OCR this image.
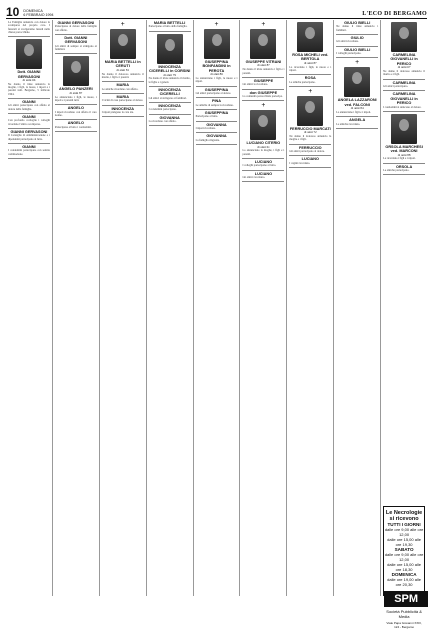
10 DOMENICA
6 FEBBRAIO 1994	L'ECO DI BERGAMO
La Famiglia annuncia con dolore la scomparsa del proprio caro. I funerali si svolgeranno lunedì nella chiesa parrocchiale.
Dott. GIANNI GERVASONI
di anni 66
Ne danno il triste annuncio la moglie, i figli, le nuore, i nipoti e i parenti tutti. Bergamo, 5 febbraio 1994.
GIANNI
Gli amici partecipano con affetto al dolore della famiglia.
GIANNI
Con profondo cordoglio i colleghi ricordano l'amico scomparso.
GIANNI GERVASONI
Il Consiglio di Amministrazione e i dipendenti partecipano al lutto.
GIANNI
I condomini partecipano con sentita commozione.
GIANNI GERVASONI
Partecipano al dolore della famiglia con affetto.
Dott. GIANNI GERVASONI
Gli amici di sempre si stringono ai familiari.
ANGELO PANZERI
di anni 87
Lo annunciano i figli, le nuore, i nipoti e i parenti tutti.
ANGELO
I nipoti ricordano con affetto il caro nonno.
ANGELO
Partecipano al lutto i condomini.
+
MARIA BETTELLI in CERUTI
di anni 81
Ne danno il doloroso annuncio il marito, i figli e i parenti.
MARIA
Le amiche ricordano con affetto.
MARIA
I vicini di casa partecipano al dolore.
INNOCENZA
I nipoti piangono la cara zia.
MARIA BETTELLI
Partecipano al lutto della famiglia.
INNOCENZA CICERELLI in CORSINI
di anni 79
Ne danno il triste annuncio il marito, le figlie e i generi.
INNOCENZA CICERELLI
Gli amici si stringono ai familiari.
INNOCENZA
I condomini partecipano.
GIOVANNA
La ricordano con affetto.
+
GIUSEPPINA BONFANDINI in PEROTA
di anni 86
Lo annunciano i figli, le nuore e i nipoti.
GIUSEPPINA
Gli amici partecipano al dolore.
PINA
Le amiche di sempre la ricordano.
GIUSEPPINA
Partecipano al lutto.
GIOVANNA
I nipoti ricordano.
GIOVANNA
La famiglia ringrazia.
+
GIUSEPPE VITRANI
di anni 87
Ne danno il triste annuncio i figli e i parenti.
GIUSEPPE
Gli amici lo ricordano.
don GIUSEPPE
La comunità parrocchiale partecipa.
+
LUCIANO CITERIO
di anni 61
Lo annunciano la moglie, i figli e i parenti.
LUCIANO
I colleghi partecipano al lutto.
LUCIANO
Gli amici ricordano.
ROSA MICHELI ved. BERTOLA
di anni 87
La ricordano i figli, le nuore e i nipoti.
ROSA
Le amiche partecipano.
+
FERRUCCIO MARCATI
di anni 72
Ne danno il doloroso annuncio la moglie e i figli.
FERRUCCIO
Gli amici partecipano al dolore.
LUCIANO
I cugini ricordano.
GIULIO BIELLI
Ne danno il triste annuncio i familiari.
GIULIO
Gli amici ricordano.
GIULIO BIELLI
I colleghi partecipano.
+
ANGELA LAZZARONI ved. FALCONI
di anni 84
La annunciano i figli e i nipoti.
ANGELA
Le amiche ricordano.
CARMELINA GIOVANELLI in PERICO
di anni 67
Ne danno il doloroso annuncio il marito e i figli.
CARMELINA
Gli amici partecipano.
CARMELINA GIOVANELLI in PERICO
I condomini si uniscono al dolore.
ORSOLA MARCHESI ved. MARCONI
di anni 88
La ricordano i figli e i nipoti.
ORSOLA
Le amiche partecipano.
Le Necrologie si ricevono
TUTTI I GIORNI
dalle ore 9,00 alle ore 12,00
dalle ore 15,00 alle ore 19,30
SABATO
dalle ore 9,00 alle ore 12,00
dalle ore 15,00 alle ore 18,30
DOMENICA
dalle ore 19,00 alle ore 20,30
SPM
Società Pubblicità & Media
Viale Papa Giovanni XXIII, 124 - Bergamo
